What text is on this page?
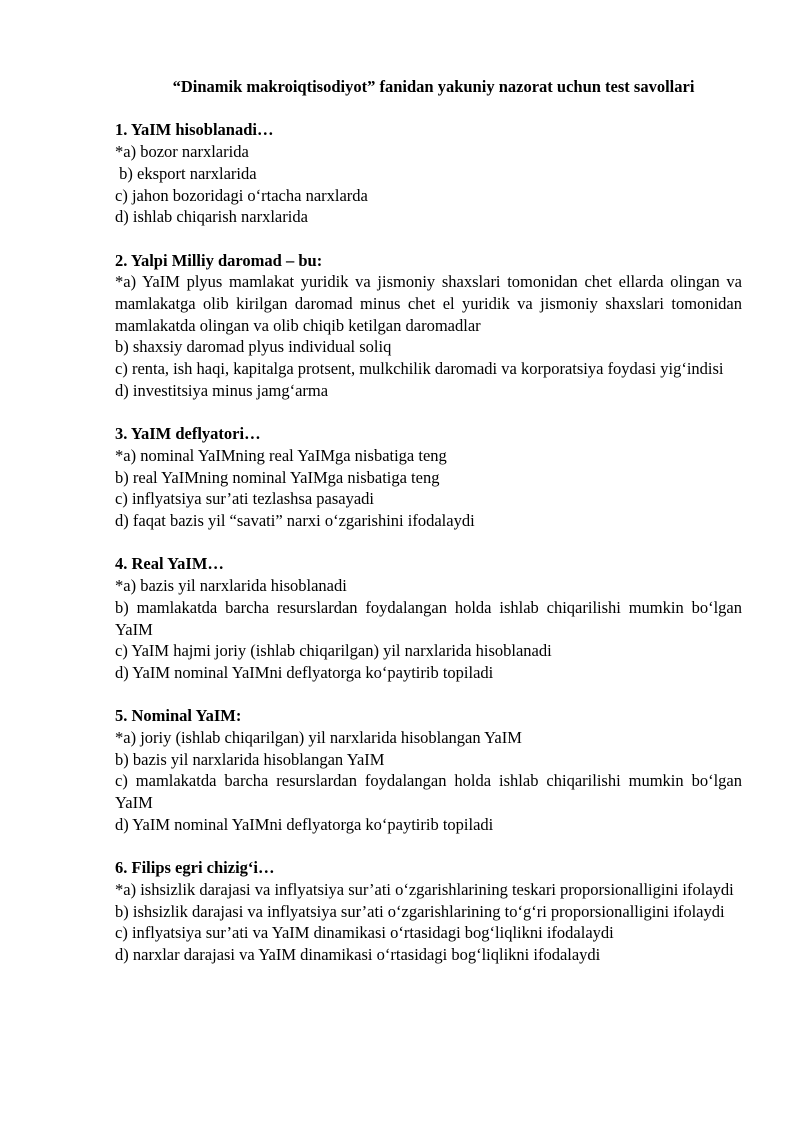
“Dinamik makroiqtisodiyot” fanidan yakuniy nazorat uchun test savollari
1. YaIM hisoblanadi…
*a) bozor narxlarida
b) eksport narxlarida
c) jahon bozoridagi o‘rtacha narxlarda
d) ishlab chiqarish narxlarida
2. Yalpi Milliy daromad – bu:
*a) YaIM plyus mamlakat yuridik va jismoniy shaxslari tomonidan chet ellarda olingan va mamlakatga olib kirilgan daromad minus chet el yuridik va jismoniy shaxslari tomonidan mamlakatda olingan va olib chiqib ketilgan daromadlar
b) shaxsiy daromad plyus individual soliq
c) renta, ish haqi, kapitalga protsent, mulkchilik daromadi va korporatsiya foydasi yig‘indisi
d) investitsiya minus jamg‘arma
3. YaIM deflyatori…
*a) nominal YaIMning real YaIMga nisbatiga teng
b) real YaIMning nominal YaIMga nisbatiga teng
c) inflyatsiya sur’ati tezlashsa pasayadi
d) faqat bazis yil “savati” narxi o‘zgarishini ifodalaydi
4. Real YaIM…
*a) bazis yil narxlarida hisoblanadi
b) mamlakatda barcha resurslardan foydalangan holda ishlab chiqarilishi mumkin bo‘lgan YaIM
c) YaIM hajmi joriy (ishlab chiqarilgan) yil narxlarida hisoblanadi
d) YaIM nominal YaIMni deflyatorga ko‘paytirib topiladi
5. Nominal YaIM:
*a) joriy (ishlab chiqarilgan) yil narxlarida hisoblangan YaIM
b) bazis yil narxlarida hisoblangan YaIM
c) mamlakatda barcha resurslardan foydalangan holda ishlab chiqarilishi mumkin bo‘lgan YaIM
d) YaIM nominal YaIMni deflyatorga ko‘paytirib topiladi
6. Filips egri chizig‘i…
*a) ishsizlik darajasi va inflyatsiya sur’ati o‘zgarishlarining teskari proporsionalligini ifolaydi
b) ishsizlik darajasi va inflyatsiya sur’ati o‘zgarishlarining to‘g‘ri proporsionalligini ifolaydi
c) inflyatsiya sur’ati va YaIM dinamikasi o‘rtasidagi bog‘liqlikni ifodalaydi
d) narxlar darajasi va YaIM dinamikasi o‘rtasidagi bog‘liqlikni ifodalaydi
